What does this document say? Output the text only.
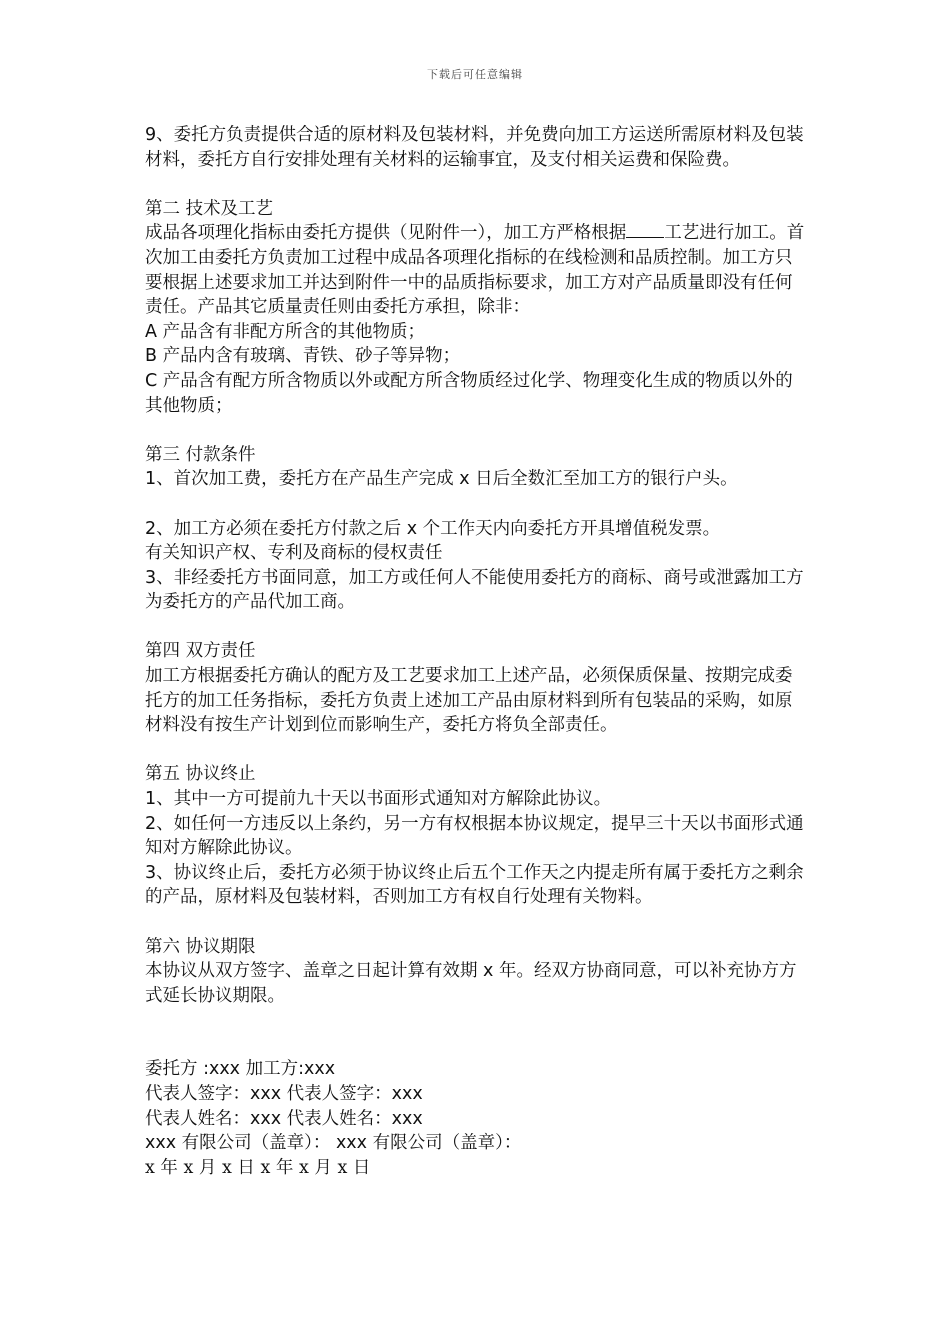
下载后可任意编辑

9、委托方负责提供合适的原材料及包装材料，并免费向加工方运送所需原材料及包装材料，委托方自行安排处理有关材料的运输事宜，及支付相关运费和保险费。

第二 技术及工艺

成品各项理化指标由委托方提供（见附件一），加工方严格根据 工艺进行加工。首次加工由委托方负责加工过程中成品各项理化指标的在线检测和品质控制。加工方只要根据上述要求加工并达到附件一中的品质指标要求，加工方对产品质量即没有任何责任。产品其它质量责任则由委托方承担，除非：

A 产品含有非配方所含的其他物质；

B 产品内含有玻璃、青铁、砂子等异物；

C 产品含有配方所含物质以外或配方所含物质经过化学、物理变化生成的物质以外的其他物质；

第三 付款条件

1、首次加工费，委托方在产品生产完成 x 日后全数汇至加工方的银行户头。

2、加工方必须在委托方付款之后 x 个工作天内向委托方开具增值税发票。

有关知识产权、专利及商标的侵权责任

3、非经委托方书面同意，加工方或任何人不能使用委托方的商标、商号或泄露加工方为委托方的产品代加工商。

第四 双方责任

加工方根据委托方确认的配方及工艺要求加工上述产品，必须保质保量、按期完成委托方的加工任务指标，委托方负责上述加工产品由原材料到所有包装品的采购，如原材料没有按生产计划到位而影响生产，委托方将负全部责任。

第五 协议终止

1、其中一方可提前九十天以书面形式通知对方解除此协议。

2、如任何一方违反以上条约，另一方有权根据本协议规定，提早三十天以书面形式通知对方解除此协议。

3、协议终止后，委托方必须于协议终止后五个工作天之内提走所有属于委托方之剩余的产品，原材料及包装材料，否则加工方有权自行处理有关物料。

第六 协议期限

本协议从双方签字、盖章之日起计算有效期 x 年。经双方协商同意，可以补充协方方式延长协议期限。

委托方 :xxx 加工方:xxx

代表人签字：xxx 代表人签字：xxx

代表人姓名：xxx 代表人姓名：xxx

xxx 有限公司（盖章）： xxx 有限公司（盖章）：

x 年 x 月 x 日 x 年 x 月 x 日
